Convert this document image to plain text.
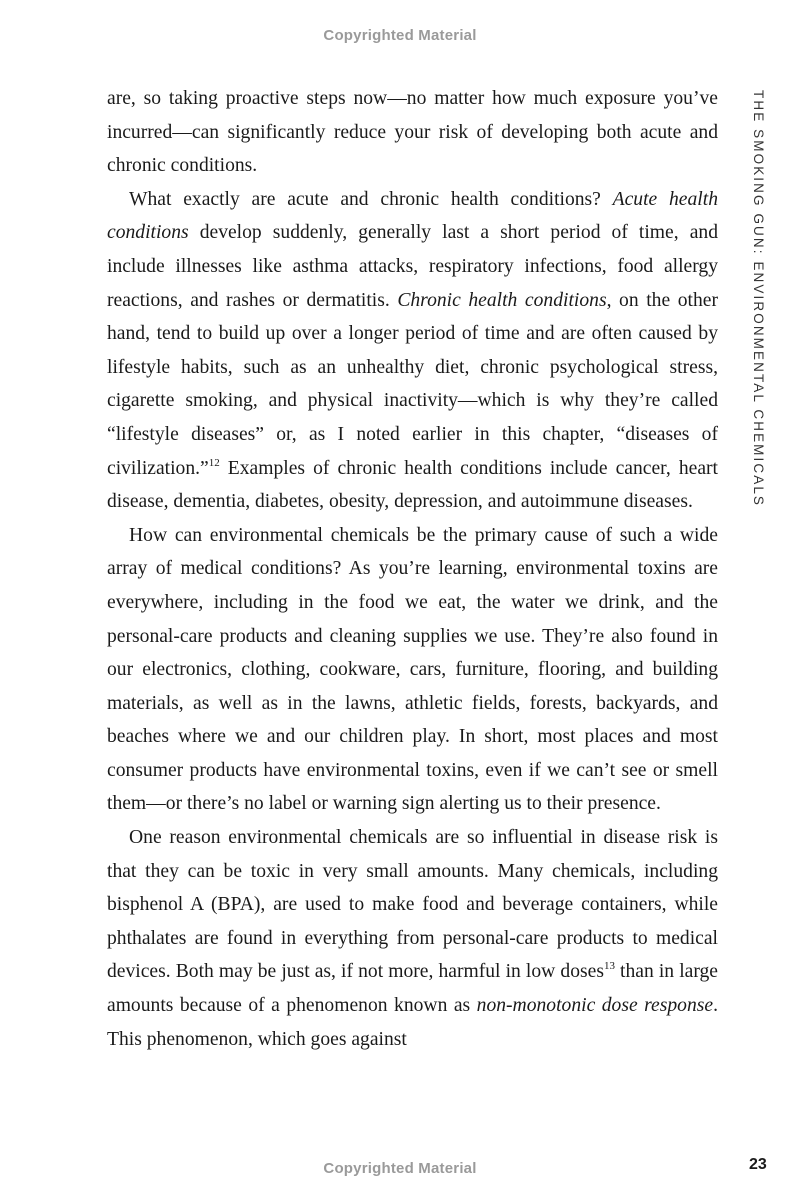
Copyrighted Material
THE SMOKING GUN: ENVIRONMENTAL CHEMICALS

are, so taking proactive steps now—no matter how much exposure you’ve incurred—can significantly reduce your risk of developing both acute and chronic conditions.

What exactly are acute and chronic health conditions? Acute health conditions develop suddenly, generally last a short period of time, and include illnesses like asthma attacks, respiratory infections, food allergy reactions, and rashes or dermatitis. Chronic health conditions, on the other hand, tend to build up over a longer period of time and are often caused by lifestyle habits, such as an unhealthy diet, chronic psychological stress, cigarette smoking, and physical inactivity—which is why they’re called “lifestyle diseases” or, as I noted earlier in this chapter, “diseases of civilization.”$^{12}$ Examples of chronic health conditions include cancer, heart disease, dementia, diabetes, obesity, depression, and autoimmune diseases.

How can environmental chemicals be the primary cause of such a wide array of medical conditions? As you’re learning, environmental toxins are everywhere, including in the food we eat, the water we drink, and the personal-care products and cleaning supplies we use. They’re also found in our electronics, clothing, cookware, cars, furniture, flooring, and building materials, as well as in the lawns, athletic fields, forests, backyards, and beaches where we and our children play. In short, most places and most consumer products have environmental toxins, even if we can’t see or smell them—or there’s no label or warning sign alerting us to their presence.

One reason environmental chemicals are so influential in disease risk is that they can be toxic in very small amounts. Many chemicals, including bisphenol A (BPA), are used to make food and beverage containers, while phthalates are found in everything from personal-care products to medical devices. Both may be just as, if not more, harmful in low doses$^{13}$ than in large amounts because of a phenomenon known as non-monotonic dose response. This phenomenon, which goes against

23
Copyrighted Material
